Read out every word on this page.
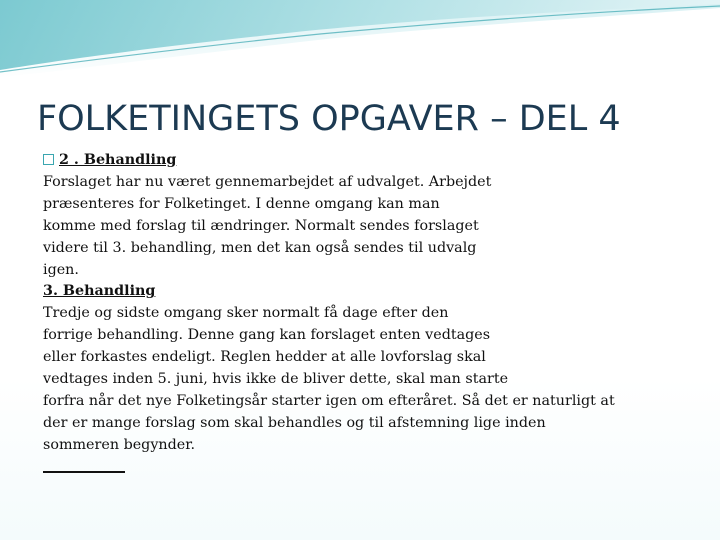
FOLKETINGETS OPGAVER – DEL 4
2 . Behandling
Forslaget har nu været gennemarbejdet af udvalget. Arbejdet
præsenteres for Folketinget. I denne omgang kan man
komme med forslag til ændringer. Normalt sendes forslaget
videre til 3. behandling, men det kan også sendes til udvalg
igen.
3. Behandling
Tredje og sidste omgang sker normalt få dage efter den
forrige behandling. Denne gang kan forslaget enten vedtages
eller forkastes endeligt. Reglen hedder at alle lovforslag skal
vedtages inden 5. juni, hvis ikke de bliver dette, skal man starte
forfra når det nye Folketingsår starter igen om efteråret. Så det er naturligt at
der er mange forslag som skal behandles og til afstemning lige inden
sommeren begynder.
